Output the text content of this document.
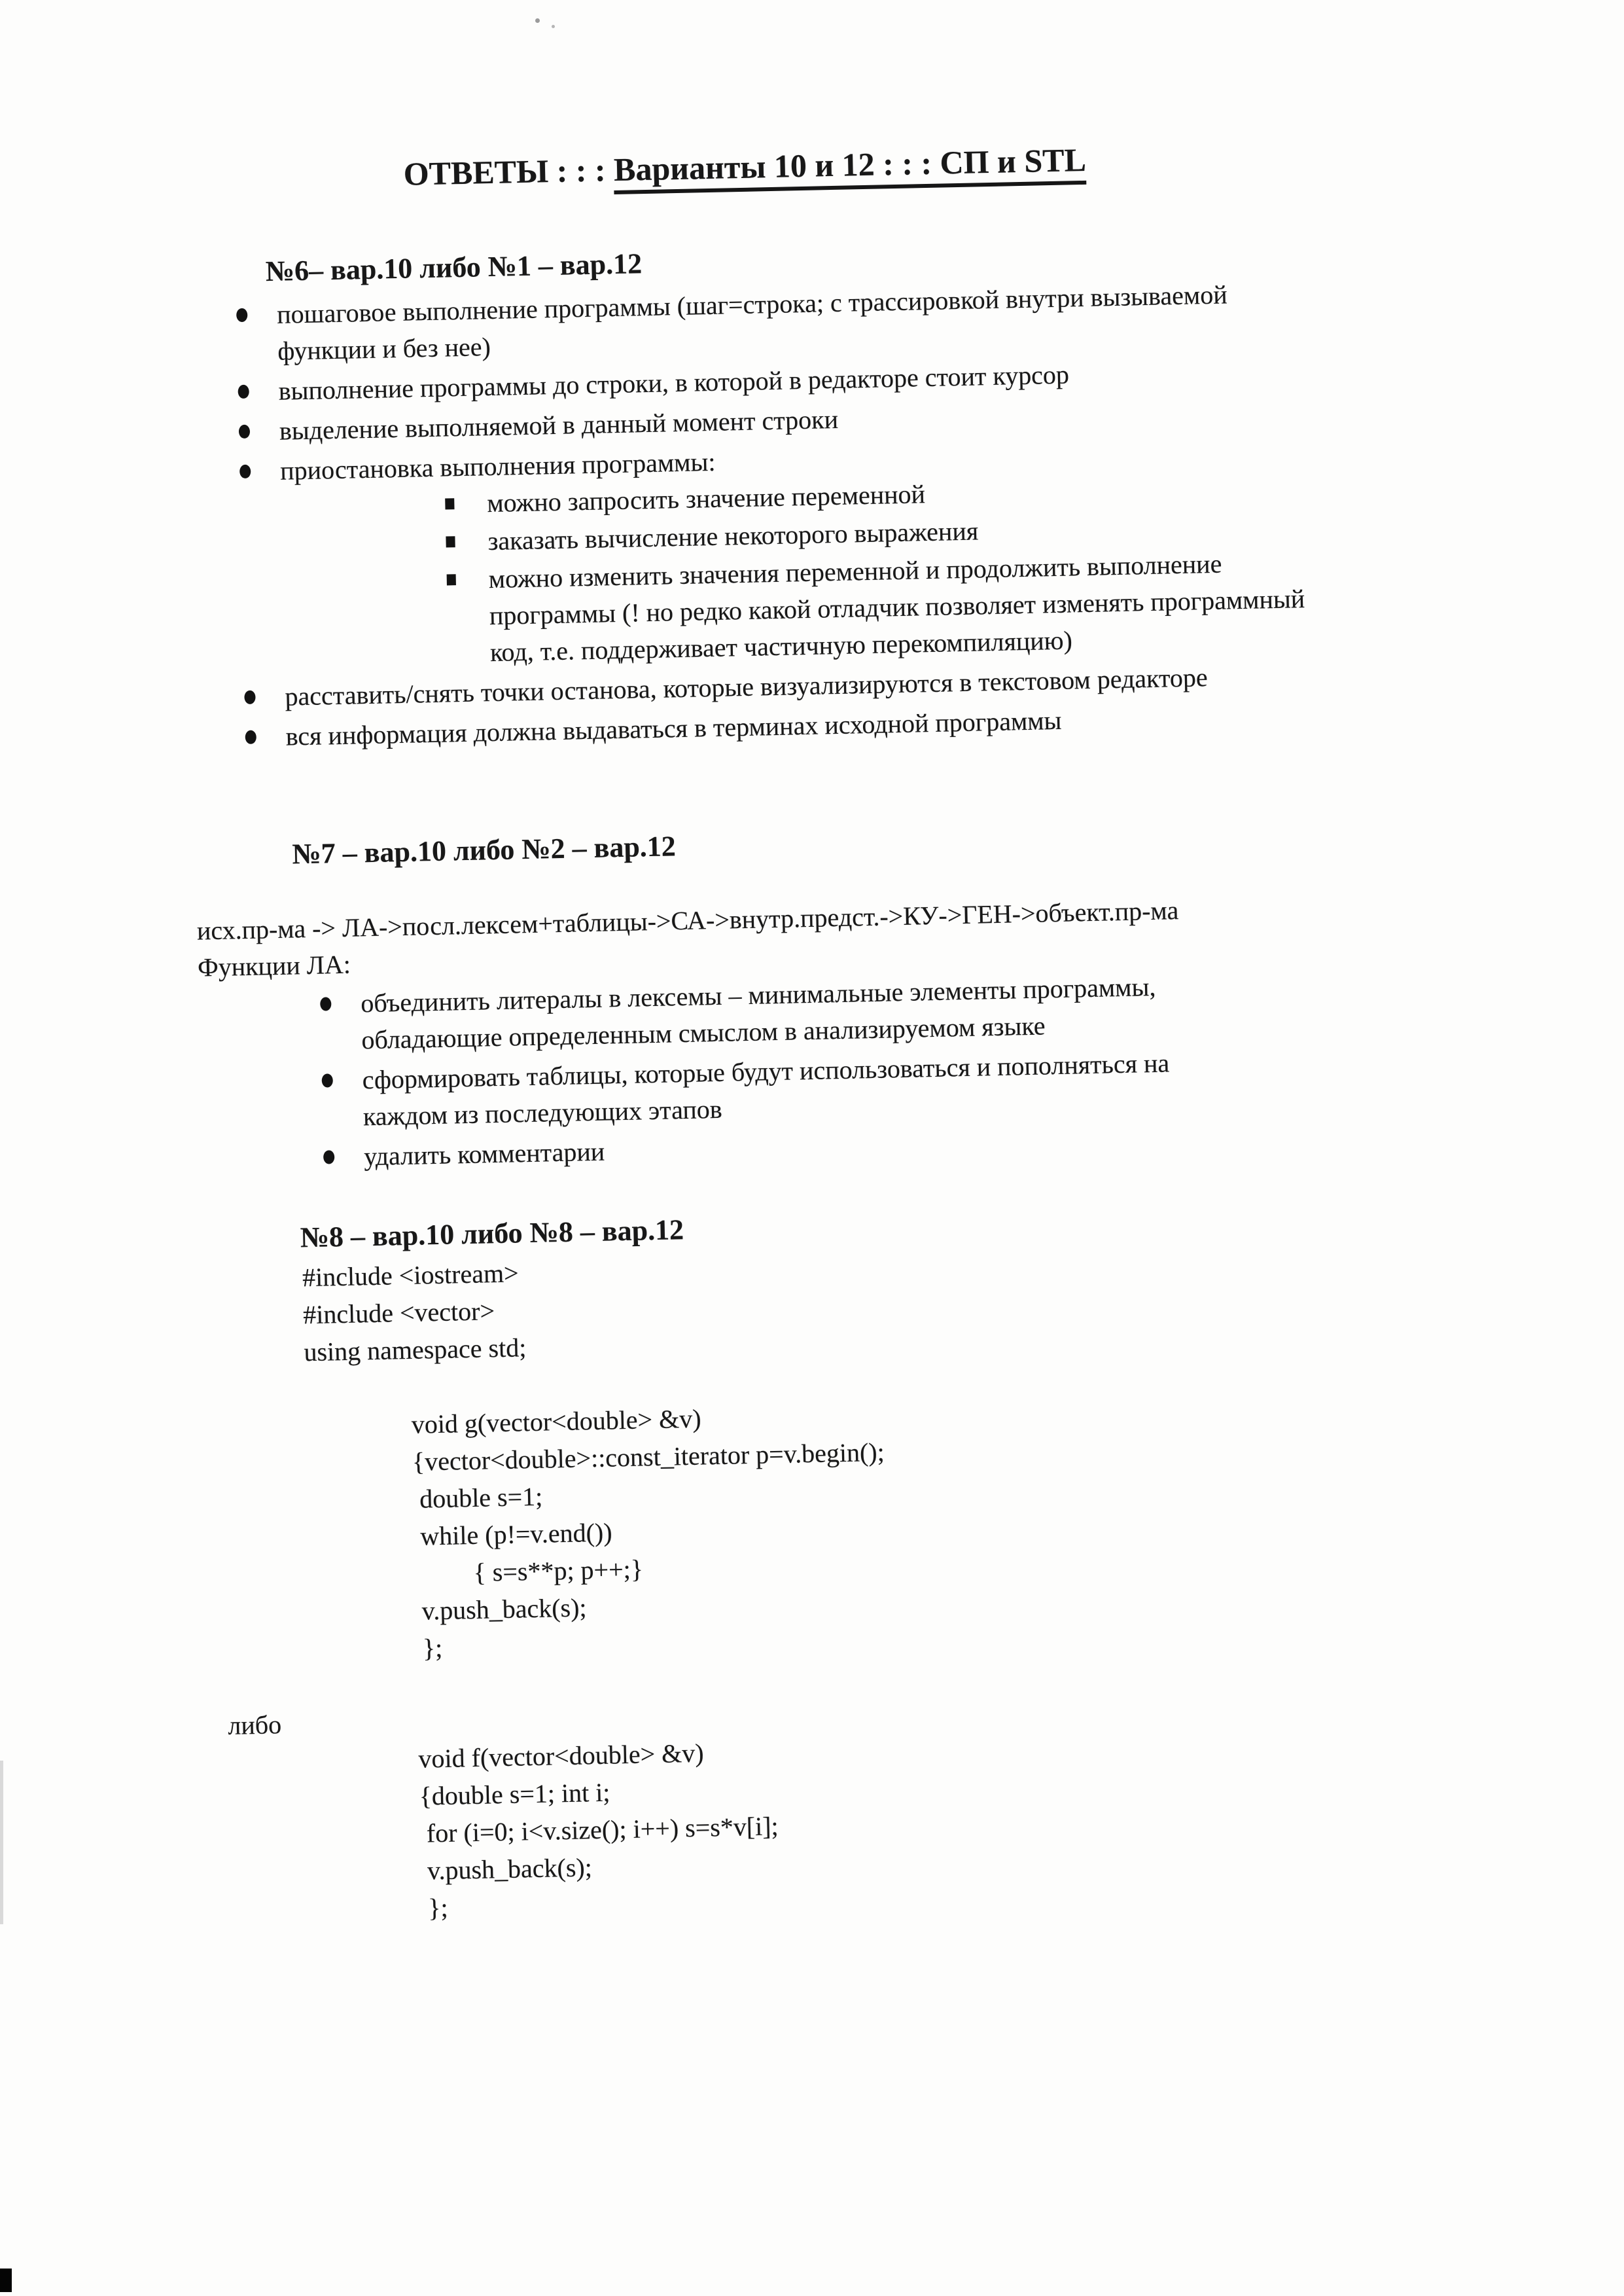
ОТВЕТЫ : : : Варианты 10 и 12 : : : СП и STL
№6– вар.10 либо №1 – вар.12
пошаговое выполнение программы (шаг=строка; с трассировкой внутри вызываемой
функции и без нее)
выполнение программы до строки, в которой в редакторе стоит курсор
выделение выполняемой в данный момент строки
приостановка выполнения программы:
можно запросить значение переменной
заказать вычисление некоторого выражения
можно изменить значения переменной и продолжить выполнение
программы (! но редко какой отладчик позволяет изменять программный
код, т.е. поддерживает частичную перекомпиляцию)
расставить/снять точки останова, которые визуализируются в текстовом редакторе
вся информация должна выдаваться в терминах исходной программы
№7 – вар.10 либо №2 – вар.12
исх.пр-ма -> ЛА->посл.лексем+таблицы->СА->внутр.предст.->КУ->ГЕН->объект.пр-ма
Функции ЛА:
объединить литералы в лексемы – минимальные элементы программы,
обладающие определенным смыслом в анализируемом языке
сформировать таблицы, которые будут использоваться и пополняться на
каждом из последующих этапов
удалить комментарии
№8 – вар.10 либо №8 – вар.12
#include <iostream>
#include <vector>
using namespace std;
void g(vector<double> &v)
{vector<double>::const_iterator p=v.begin();
double s=1;
while (p!=v.end())
{ s=s**p; p++;}
v.push_back(s);
};
либо
void f(vector<double> &v)
{double s=1; int i;
for (i=0; i<v.size(); i++) s=s*v[i];
v.push_back(s);
};
